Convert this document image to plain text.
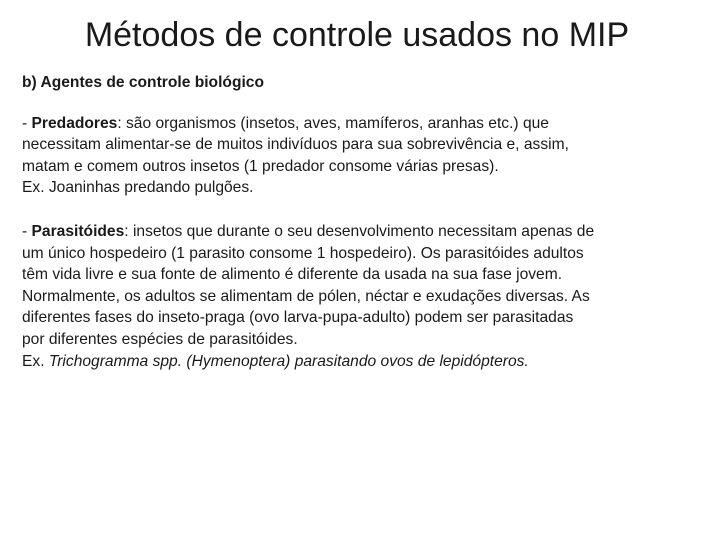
Métodos de controle usados no MIP
b) Agentes de controle biológico
- Predadores: são organismos (insetos, aves, mamíferos, aranhas etc.) que
necessitam alimentar-se de muitos indivíduos para sua sobrevivência e, assim,
matam e comem outros insetos (1 predador consome várias presas).
Ex. Joaninhas predando pulgões.
- Parasitóides: insetos que durante o seu desenvolvimento necessitam apenas de
um único hospedeiro (1 parasito consome 1 hospedeiro). Os parasitóides adultos
têm vida livre e sua fonte de alimento é diferente da usada na sua fase jovem.
Normalmente, os adultos se alimentam de pólen, néctar e exudações diversas. As
diferentes fases do inseto-praga (ovo larva-pupa-adulto) podem ser parasitadas
por diferentes espécies de parasitóides.
Ex. Trichogramma spp. (Hymenoptera) parasitando ovos de lepidópteros.
